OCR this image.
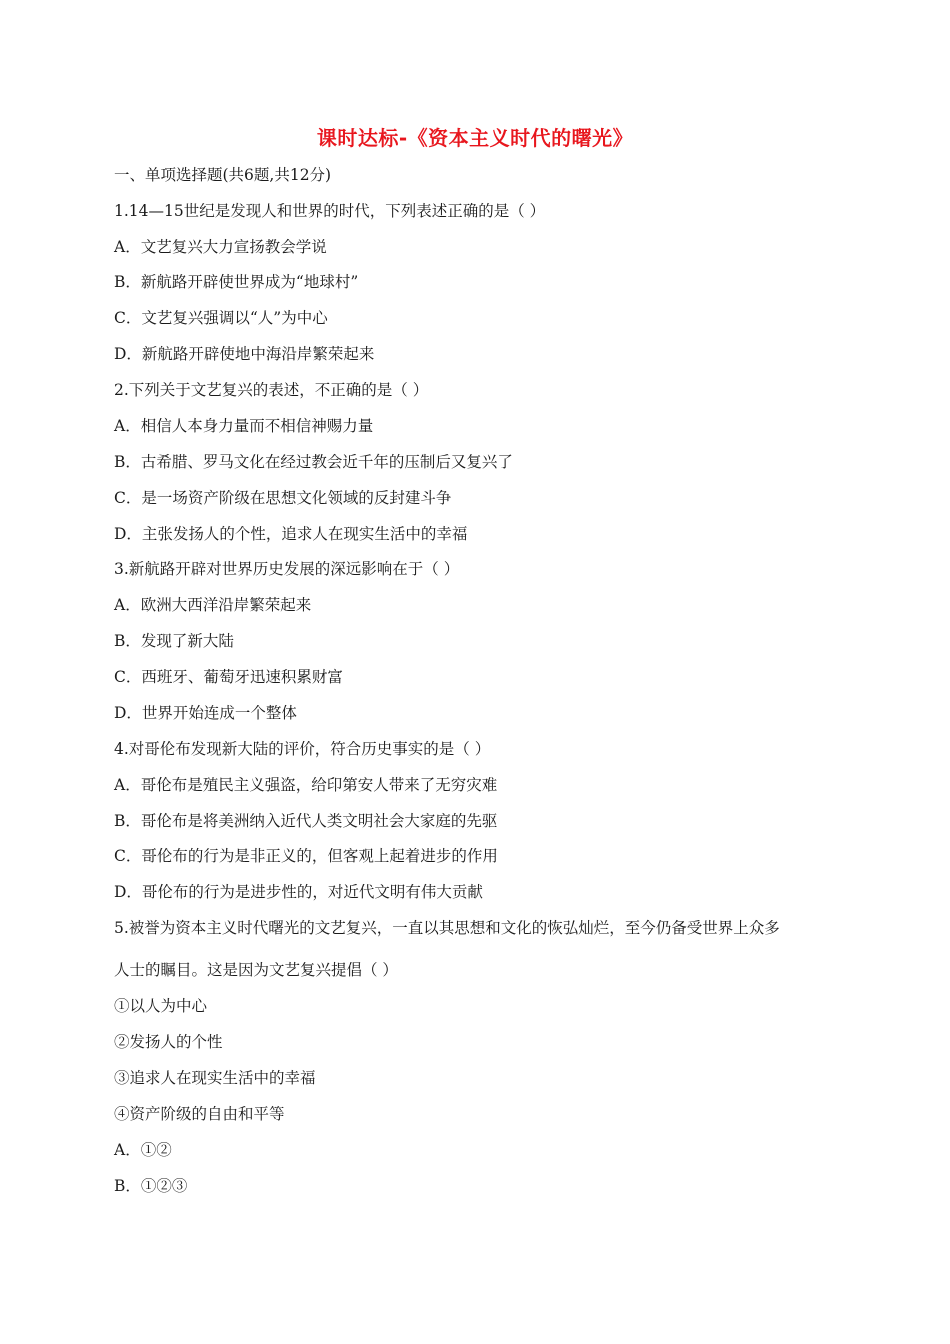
课时达标-《资本主义时代的曙光》
一、单项选择题(共6题,共12分)
1.14—15世纪是发现人和世界的时代，下列表述正确的是（ ）
A．文艺复兴大力宣扬教会学说
B．新航路开辟使世界成为“地球村”
C．文艺复兴强调以“人”为中心
D．新航路开辟使地中海沿岸繁荣起来
2.下列关于文艺复兴的表述，不正确的是（ ）
A．相信人本身力量而不相信神赐力量
B．古希腊、罗马文化在经过教会近千年的压制后又复兴了
C．是一场资产阶级在思想文化领域的反封建斗争
D．主张发扬人的个性，追求人在现实生活中的幸福
3.新航路开辟对世界历史发展的深远影响在于（ ）
A．欧洲大西洋沿岸繁荣起来
B．发现了新大陆
C．西班牙、葡萄牙迅速积累财富
D．世界开始连成一个整体
4.对哥伦布发现新大陆的评价，符合历史事实的是（ ）
A．哥伦布是殖民主义强盗，给印第安人带来了无穷灾难
B．哥伦布是将美洲纳入近代人类文明社会大家庭的先驱
C．哥伦布的行为是非正义的，但客观上起着进步的作用
D．哥伦布的行为是进步性的，对近代文明有伟大贡献
5.被誉为资本主义时代曙光的文艺复兴，一直以其思想和文化的恢弘灿烂，至今仍备受世界上众多
人士的瞩目。这是因为文艺复兴提倡（ ）
①以人为中心
②发扬人的个性
③追求人在现实生活中的幸福
④资产阶级的自由和平等
A．①②
B．①②③
